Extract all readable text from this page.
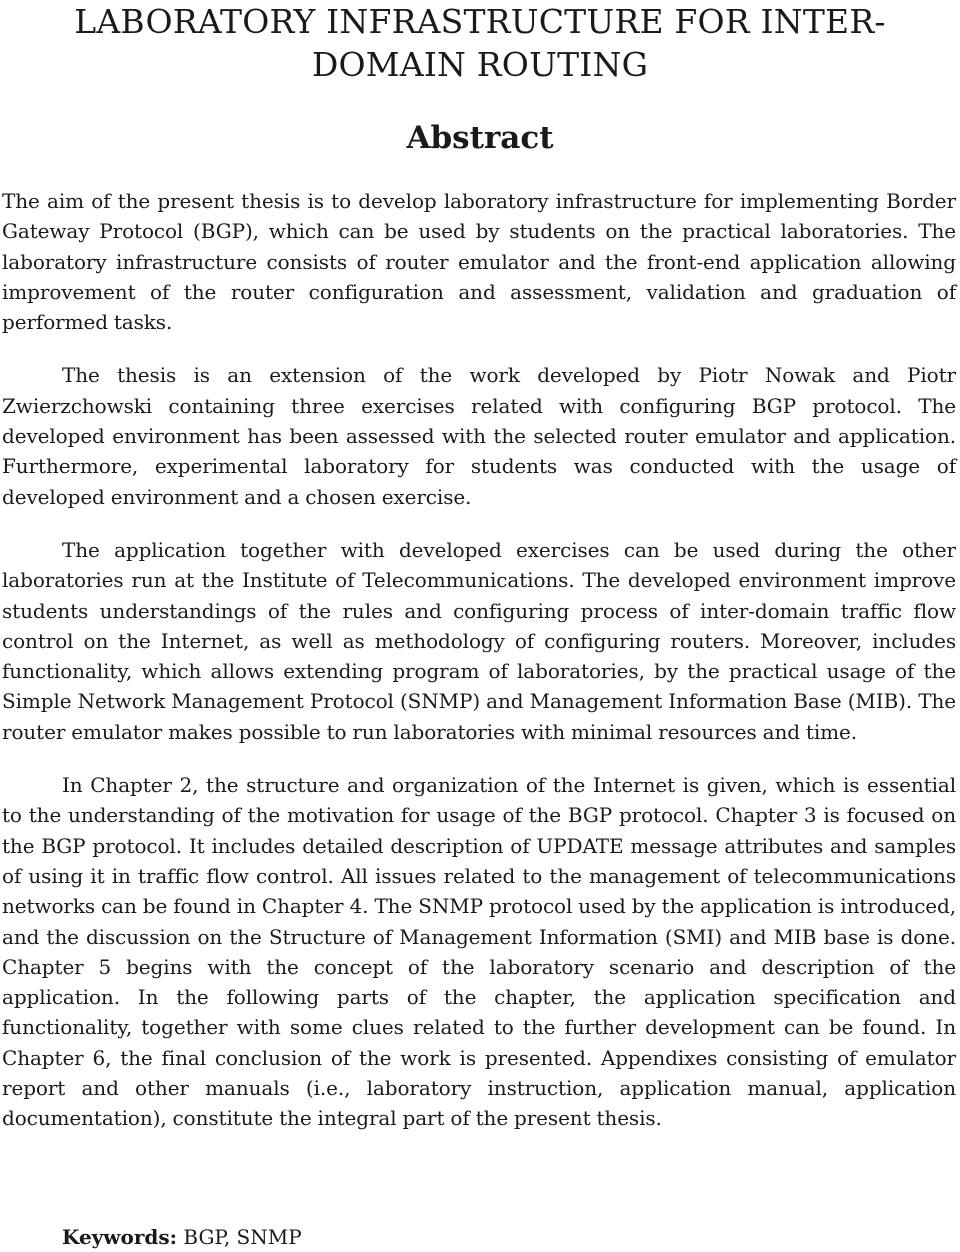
LABORATORY INFRASTRUCTURE FOR INTER-DOMAIN ROUTING
Abstract

The aim of the present thesis is to develop laboratory infrastructure for implementing Border Gateway Protocol (BGP), which can be used by students on the practical laboratories. The laboratory infrastructure consists of router emulator and the front-end application allowing improvement of the router configuration and assessment, validation and graduation of performed tasks.

The thesis is an extension of the work developed by Piotr Nowak and Piotr Zwierzchowski containing three exercises related with configuring BGP protocol. The developed environment has been assessed with the selected router emulator and application. Furthermore, experimental laboratory for students was conducted with the usage of developed environment and a chosen exercise.

The application together with developed exercises can be used during the other laboratories run at the Institute of Telecommunications. The developed environment improve students understandings of the rules and configuring process of inter-domain traffic flow control on the Internet, as well as methodology of configuring routers. Moreover, includes functionality, which allows extending program of laboratories, by the practical usage of the Simple Network Management Protocol (SNMP) and Management Information Base (MIB). The router emulator makes possible to run laboratories with minimal resources and time.

In Chapter 2, the structure and organization of the Internet is given, which is essential to the understanding of the motivation for usage of the BGP protocol. Chapter 3 is focused on the BGP protocol. It includes detailed description of UPDATE message attributes and samples of using it in traffic flow control. All issues related to the management of telecommunications networks can be found in Chapter 4. The SNMP protocol used by the application is introduced, and the discussion on the Structure of Management Information (SMI) and MIB base is done. Chapter 5 begins with the concept of the laboratory scenario and description of the application. In the following parts of the chapter, the application specification and functionality, together with some clues related to the further development can be found. In Chapter 6, the final conclusion of the work is presented. Appendixes consisting of emulator report and other manuals (i.e., laboratory instruction, application manual, application documentation), constitute the integral part of the present thesis.

Keywords: BGP, SNMP
